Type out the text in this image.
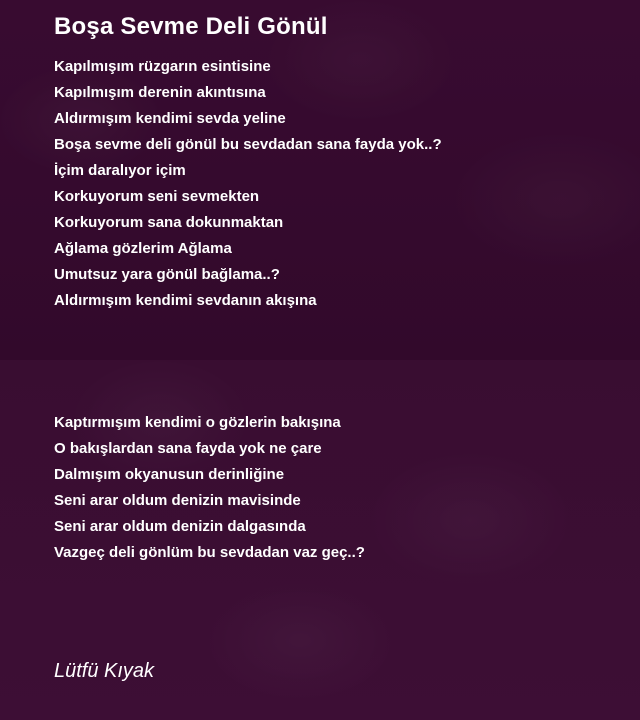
Boşa Sevme Deli Gönül
Kapılmışım rüzgarın esintisine
Kapılmışım derenin akıntısına
Aldırmışım kendimi sevda yeline
Boşa sevme deli gönül bu sevdadan sana fayda yok..?
İçim daralıyor içim
Korkuyorum seni sevmekten
Korkuyorum sana dokunmaktan
Ağlama gözlerim Ağlama
Umutsuz yara gönül bağlama..?
Aldırmışım kendimi sevdanın akışına
Kaptırmışım kendimi o gözlerin bakışına
O bakışlardan sana fayda yok ne çare
Dalmışım okyanusun derinliğine
Seni arar oldum denizin mavisinde
Seni arar oldum denizin dalgasında
Vazgeç deli gönlüm bu sevdadan vaz geç..?
Lütfü Kıyak
